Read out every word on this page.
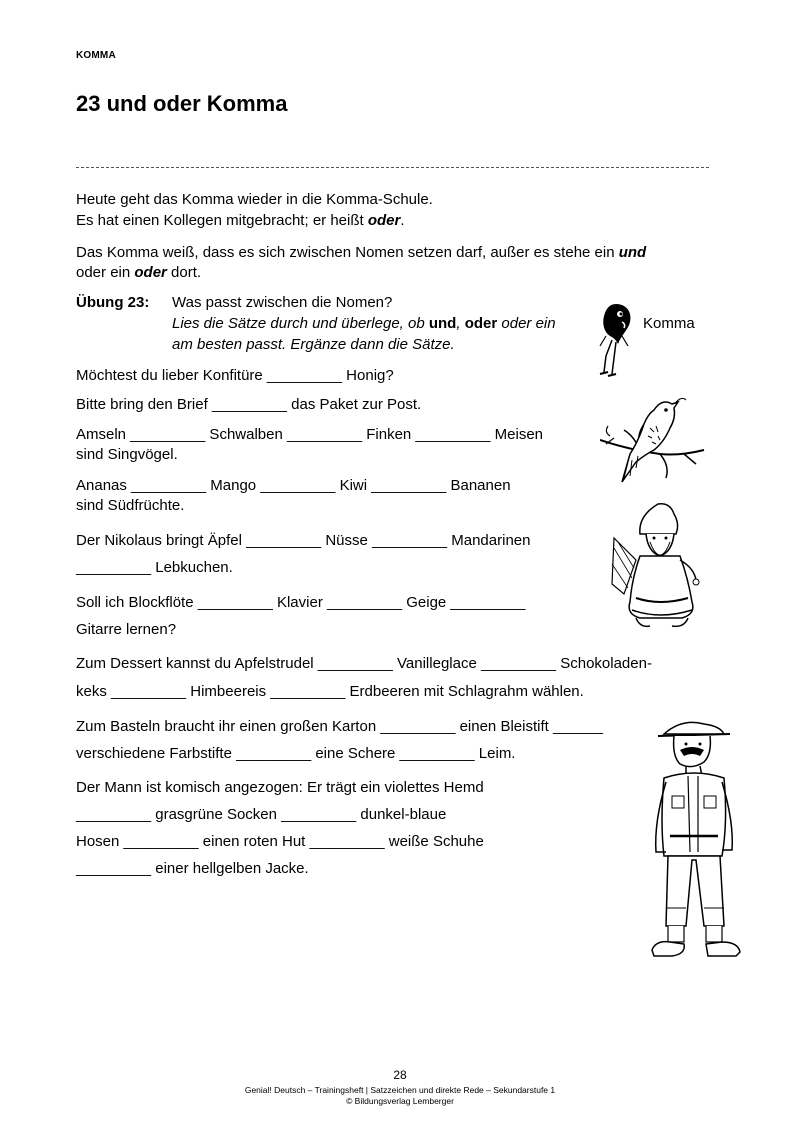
KOMMA
23 und oder Komma
Heute geht das Komma wieder in die Komma-Schule.
Es hat einen Kollegen mitgebracht; er heißt oder.
Das Komma weiß, dass es sich zwischen Nomen setzen darf, außer es stehe ein und
oder ein oder dort.
Übung 23: Was passt zwischen die Nomen?
Lies die Sätze durch und überlege, ob und, oder oder ein
am besten passt. Ergänze dann die Sätze.
Komma
Möchtest du lieber Konfitüre _________ Honig?
Bitte bring den Brief _________ das Paket zur Post.
Amseln _________ Schwalben _________ Finken _________ Meisen
sind Singvögel.
Ananas _________ Mango _________ Kiwi _________ Bananen
sind Südfrüchte.
Der Nikolaus bringt Äpfel _________ Nüsse _________ Mandarinen
_________ Lebkuchen.
Soll ich Blockflöte _________ Klavier _________ Geige _________
Gitarre lernen?
Zum Dessert kannst du Apfelstrudel _________ Vanilleglace _________ Schokoladen-
keks _________ Himbeereis _________ Erdbeeren mit Schlagrahm wählen.
Zum Basteln braucht ihr einen großen Karton _________ einen Bleistift ______
verschiedene Farbstifte _________ eine Schere _________ Leim.
Der Mann ist komisch angezogen: Er trägt ein violettes Hemd
_________ grasgrüne Socken _________ dunkel-blaue
Hosen _________ einen roten Hut _________ weiße Schuhe
_________ einer hellgelben Jacke.
28
Genial! Deutsch – Trainingsheft | Satzzeichen und direkte Rede – Sekundarstufe 1
© Bildungsverlag Lemberger
